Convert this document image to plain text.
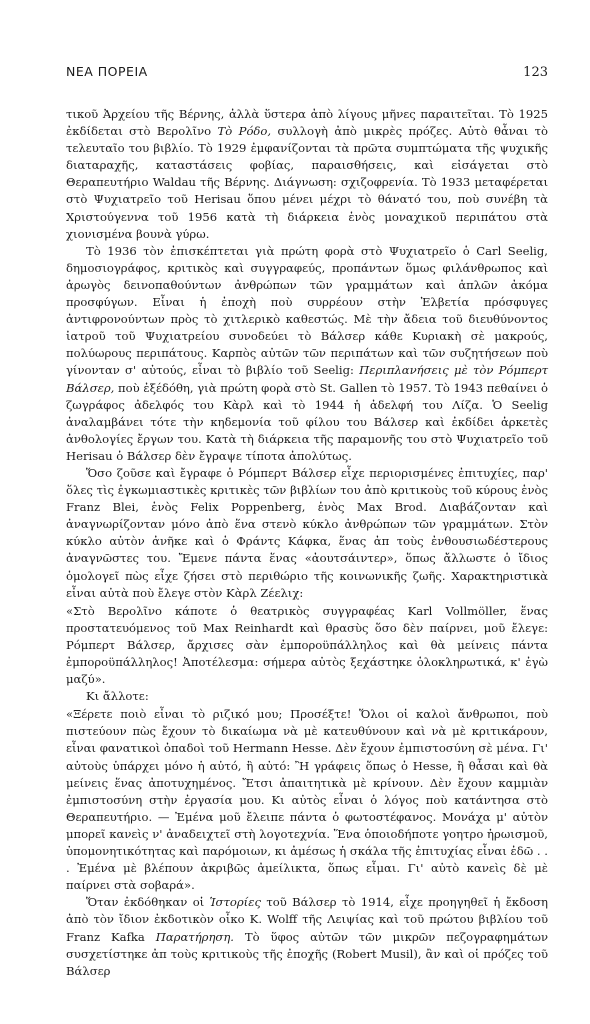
ΝΕΑ ΠΟΡΕΙΑ	123

τικοῦ Ἀρχείου τῆς Βέρνης, ἀλλὰ ὕστερα ἀπὸ λίγους μῆνες παραιτεῖται. Τὸ 1925 ἐκδίδεται στὸ Βερολῖνο Τὸ Ρόδο, συλλογὴ ἀπὸ μικρὲς πρόζες. Αὐτὸ θἆναι τὸ τελευταῖο του βιβλίο. Τὸ 1929 ἐμφανίζονται τὰ πρῶτα συμπτώματα τῆς ψυχικῆς διαταραχῆς, καταστάσεις φοβίας, παραισθήσεις, καὶ εἰσάγεται στὸ Θεραπευτήριο Waldau τῆς Βέρνης. Διάγνωση: σχιζοφρενία. Τὸ 1933 μεταφέρεται στὸ Ψυχιατρεῖο τοῦ Herisau ὅπου μένει μέχρι τὸ θάνατό του, ποὺ συνέβη τὰ Χριστούγεννα τοῦ 1956 κατὰ τὴ διάρκεια ἑνὸς μοναχικοῦ περιπάτου στὰ χιονισμένα βουνὰ γύρω.

Τὸ 1936 τὸν ἐπισκέπτεται γιὰ πρώτη φορὰ στὸ Ψυχιατρεῖο ὁ Carl Seelig, δημοσιογράφος, κριτικὸς καὶ συγγραφεύς, προπάντων ὅμως φιλάνθρωπος καὶ ἀρωγὸς δεινοπαθούντων ἀνθρώπων τῶν γραμμάτων καὶ ἁπλῶν ἀκόμα προσφύγων. Εἶναι ἡ ἐποχὴ ποὺ συρρέουν στὴν Ἑλβετία πρόσφυγες ἀντιφρονούντων πρὸς τὸ χιτλερικὸ καθεστώς. Μὲ τὴν ἄδεια τοῦ διευθύνοντος ἰατροῦ τοῦ Ψυχιατρείου συνοδεύει τὸ Βάλσερ κάθε Κυριακὴ σὲ μακρούς, πολύωρους περιπάτους. Καρπὸς αὐτῶν τῶν περιπάτων καὶ τῶν συζητήσεων ποὺ γίνονταν σ' αὐτούς, εἶναι τὸ βιβλίο τοῦ Seelig: Περιπλανήσεις μὲ τὸν Ρόμπερτ Βάλσερ, ποὺ ἐξέδόθη, γιὰ πρώτη φορὰ στὸ St. Gallen τὸ 1957. Τὸ 1943 πεθαίνει ὁ ζωγράφος ἀδελφός του Κὰρλ καὶ τὸ 1944 ἡ ἀδελφή του Λίζα. Ὁ Seelig ἀναλαμβάνει τότε τὴν κηδεμονία τοῦ φίλου του Βάλσερ καὶ ἐκδίδει ἀρκετὲς ἀνθολογίες ἔργων του. Κατὰ τὴ διάρκεια τῆς παραμονῆς του στὸ Ψυχιατρεῖο τοῦ Herisau ὁ Βάλσερ δὲν ἔγραψε τίποτα ἀπολύτως.

Ὅσο ζοῦσε καὶ ἔγραφε ὁ Ρόμπερτ Βάλσερ εἶχε περιορισμένες ἐπιτυχίες, παρ' ὅλες τὶς ἐγκωμιαστικὲς κριτικὲς τῶν βιβλίων του ἀπὸ κριτικοὺς τοῦ κύρους ἑνὸς Franz Blei, ἑνὸς Felix Poppenberg, ἑνὸς Max Brod. Διαβάζονταν καὶ ἀναγνωρίζονταν μόνο ἀπὸ ἕνα στενὸ κύκλο ἀνθρώπων τῶν γραμμάτων. Στὸν κύκλο αὐτὸν ἀνῆκε καὶ ὁ Φράντς Κάφκα, ἕνας ἀπ τοὺς ἐνθουσιωδέστερους ἀναγνῶστες του. Ἔμενε πάντα ἕνας «ἀουτσάιντερ», ὅπως ἄλλωστε ὁ ἴδιος ὁμολογεῖ πὼς εἶχε ζήσει στὸ περιθώριο τῆς κοινωνικῆς ζωῆς. Χαρακτηριστικὰ εἶναι αὐτὰ ποὺ ἔλεγε στὸν Κὰρλ Ζέελιχ:

«Στὸ Βερολῖνο κάποτε ὁ θεατρικὸς συγγραφέας Karl Vollmöller, ἕνας προστατευόμενος τοῦ Max Reinhardt καὶ θρασὺς ὅσο δὲν παίρνει, μοῦ ἔλεγε: Ρόμπερτ Βάλσερ, ἄρχισες σὰν ἐμποροϋπάλληλος καὶ θὰ μείνεις πάντα ἐμποροϋπάλληλος! Ἀποτέλεσμα: σήμερα αὐτὸς ξεχάστηκε ὁλοκληρωτικά, κ' ἐγὼ μαζύ».

Κι ἄλλοτε:

«Ξέρετε ποιὸ εἶναι τὸ ριζικό μου; Προσέξτε! Ὅλοι οἱ καλοὶ ἄνθρωποι, ποὺ πιστεύουν πὼς ἔχουν τὸ δικαίωμα νὰ μὲ κατευθύνουν καὶ νὰ μὲ κριτικάρουν, εἶναι φανατικοὶ ὀπαδοὶ τοῦ Hermann Hesse. Δὲν ἔχουν ἐμπιστοσύνη σὲ μένα. Γι' αὐτοὺς ὑπάρχει μόνο ἡ αὐτό, ἢ αὐτό: Ἢ γράφεις ὅπως ὁ Hesse, ἢ θἆσαι καὶ θὰ μείνεις ἕνας ἀποτυχημένος. Ἔτσι ἀπαιτητικὰ μὲ κρίνουν. Δὲν ἔχουν καμμιὰν ἐμπιστοσύνη στὴν ἐργασία μου. Κι αὐτὸς εἶναι ὁ λόγος ποὺ κατάντησα στὸ Θεραπευτήριο. — Ἐμένα μοῦ ἔλειπε πάντα ὁ φωτοστέφανος. Μονάχα μ' αὐτὸν μπορεῖ κανεὶς ν' ἀναδειχτεῖ στὴ λογοτεχνία. Ἕνα ὁποιοδήποτε γοητρο ἡρωισμοῦ, ὑπομονητικότητας καὶ παρόμοιων, κι ἀμέσως ἡ σκάλα τῆς ἐπιτυχίας εἶναι ἐδῶ . . . Ἐμένα μὲ βλέπουν ἀκριβῶς ἀμείλικτα, ὅπως εἶμαι. Γι' αὐτὸ κανεὶς δὲ μὲ παίρνει στὰ σοβαρά».

Ὅταν ἐκδόθηκαν οἱ Ἱστορίες τοῦ Βάλσερ τὸ 1914, εἶχε προηγηθεῖ ἡ ἔκδοση ἀπὸ τὸν ἴδιον ἐκδοτικὸν οἶκο K. Wolff τῆς Λειψίας καὶ τοῦ πρώτου βιβλίου τοῦ Franz Kafka Παρατήρηση. Τὸ ὕφος αὐτῶν τῶν μικρῶν πεζογραφημάτων συσχετίστηκε ἀπ τοὺς κριτικοὺς τῆς ἐποχῆς (Robert Musil), ἂν καὶ οἱ πρόζες τοῦ Βάλσερ
